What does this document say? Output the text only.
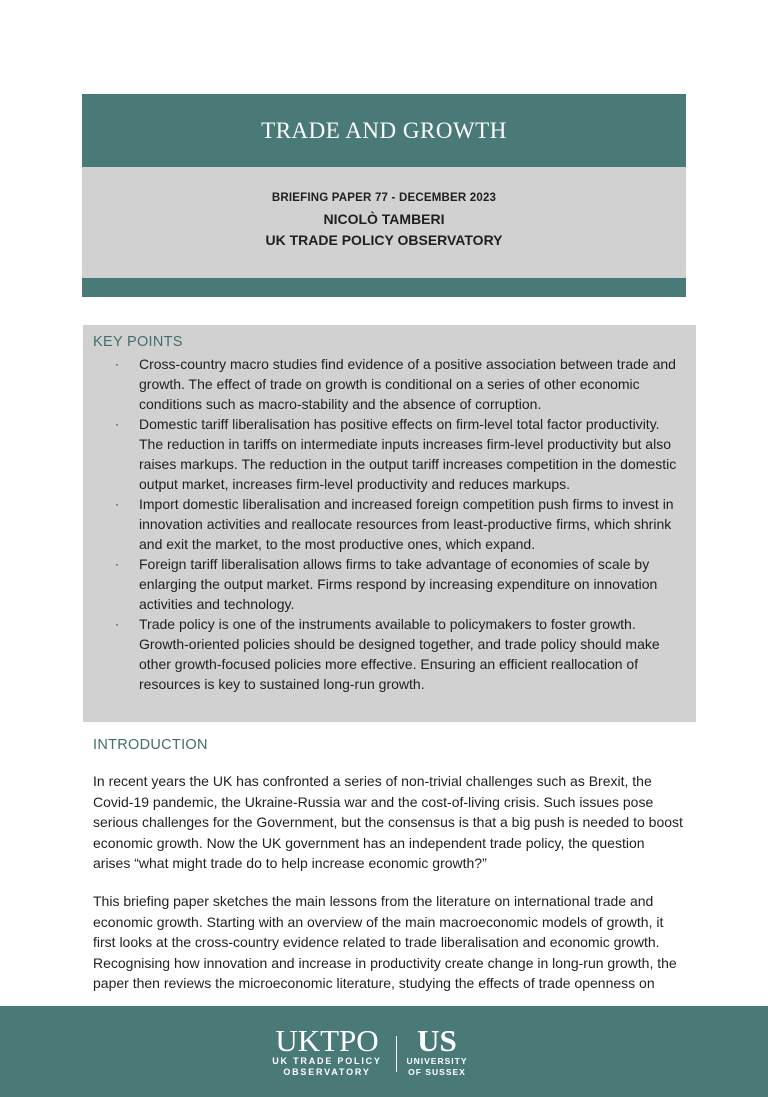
TRADE AND GROWTH
BRIEFING PAPER 77 - DECEMBER 2023
NICOLÒ TAMBERI
UK TRADE POLICY OBSERVATORY
KEY POINTS
· Cross-country macro studies find evidence of a positive association between trade and growth. The effect of trade on growth is conditional on a series of other economic conditions such as macro-stability and the absence of corruption.
· Domestic tariff liberalisation has positive effects on firm-level total factor productivity. The reduction in tariffs on intermediate inputs increases firm-level productivity but also raises markups. The reduction in the output tariff increases competition in the domestic output market, increases firm-level productivity and reduces markups.
· Import domestic liberalisation and increased foreign competition push firms to invest in innovation activities and reallocate resources from least-productive firms, which shrink and exit the market, to the most productive ones, which expand.
· Foreign tariff liberalisation allows firms to take advantage of economies of scale by enlarging the output market. Firms respond by increasing expenditure on innovation activities and technology.
· Trade policy is one of the instruments available to policymakers to foster growth. Growth-oriented policies should be designed together, and trade policy should make other growth-focused policies more effective. Ensuring an efficient reallocation of resources is key to sustained long-run growth.
INTRODUCTION

In recent years the UK has confronted a series of non-trivial challenges such as Brexit, the Covid-19 pandemic, the Ukraine-Russia war and the cost-of-living crisis. Such issues pose serious challenges for the Government, but the consensus is that a big push is needed to boost economic growth. Now the UK government has an independent trade policy, the question arises “what might trade do to help increase economic growth?”

This briefing paper sketches the main lessons from the literature on international trade and economic growth. Starting with an overview of the main macroeconomic models of growth, it first looks at the cross-country evidence related to trade liberalisation and economic growth. Recognising how innovation and increase in productivity create change in long-run growth, the paper then reviews the microeconomic literature, studying the effects of trade openness on

UKTPO
UK TRADE POLICY
OBSERVATORY
US
UNIVERSITY
OF SUSSEX
